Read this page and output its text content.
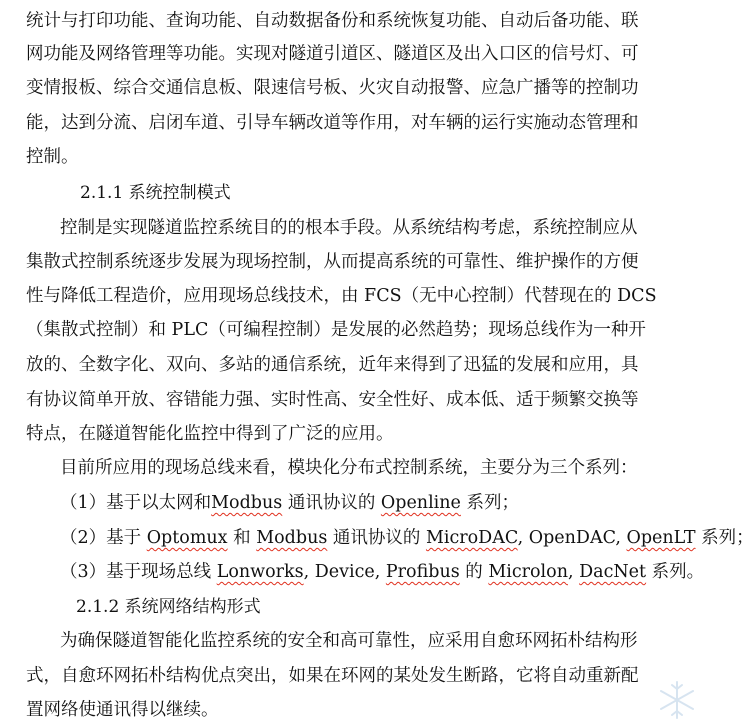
统计与打印功能、查询功能、自动数据备份和系统恢复功能、自动后备功能、联
网功能及网络管理等功能。实现对隧道引道区、隧道区及出入口区的信号灯、可
变情报板、综合交通信息板、限速信号板、火灾自动报警、应急广播等的控制功
能，达到分流、启闭车道、引导车辆改道等作用，对车辆的运行实施动态管理和
控制。
2.1.1 系统控制模式
控制是实现隧道监控系统目的的根本手段。从系统结构考虑，系统控制应从
集散式控制系统逐步发展为现场控制，从而提高系统的可靠性、维护操作的方便
性与降低工程造价，应用现场总线技术，由 FCS（无中心控制）代替现在的 DCS
（集散式控制）和 PLC（可编程控制）是发展的必然趋势；现场总线作为一种开
放的、全数字化、双向、多站的通信系统，近年来得到了迅猛的发展和应用，具
有协议简单开放、容错能力强、实时性高、安全性好、成本低、适于频繁交换等
特点，在隧道智能化监控中得到了广泛的应用。
目前所应用的现场总线来看，模块化分布式控制系统，主要分为三个系列：
（1）基于以太网和Modbus 通讯协议的 Openline 系列；
（2）基于 Optomux 和 Modbus 通讯协议的 MicroDAC, OpenDAC, OpenLT 系列；
（3）基于现场总线 Lonworks, Device, Profibus 的 Microlon, DacNet 系列。
2.1.2 系统网络结构形式
为确保隧道智能化监控系统的安全和高可靠性，应采用自愈环网拓朴结构形
式，自愈环网拓朴结构优点突出，如果在环网的某处发生断路，它将自动重新配
置网络使通讯得以继续。
